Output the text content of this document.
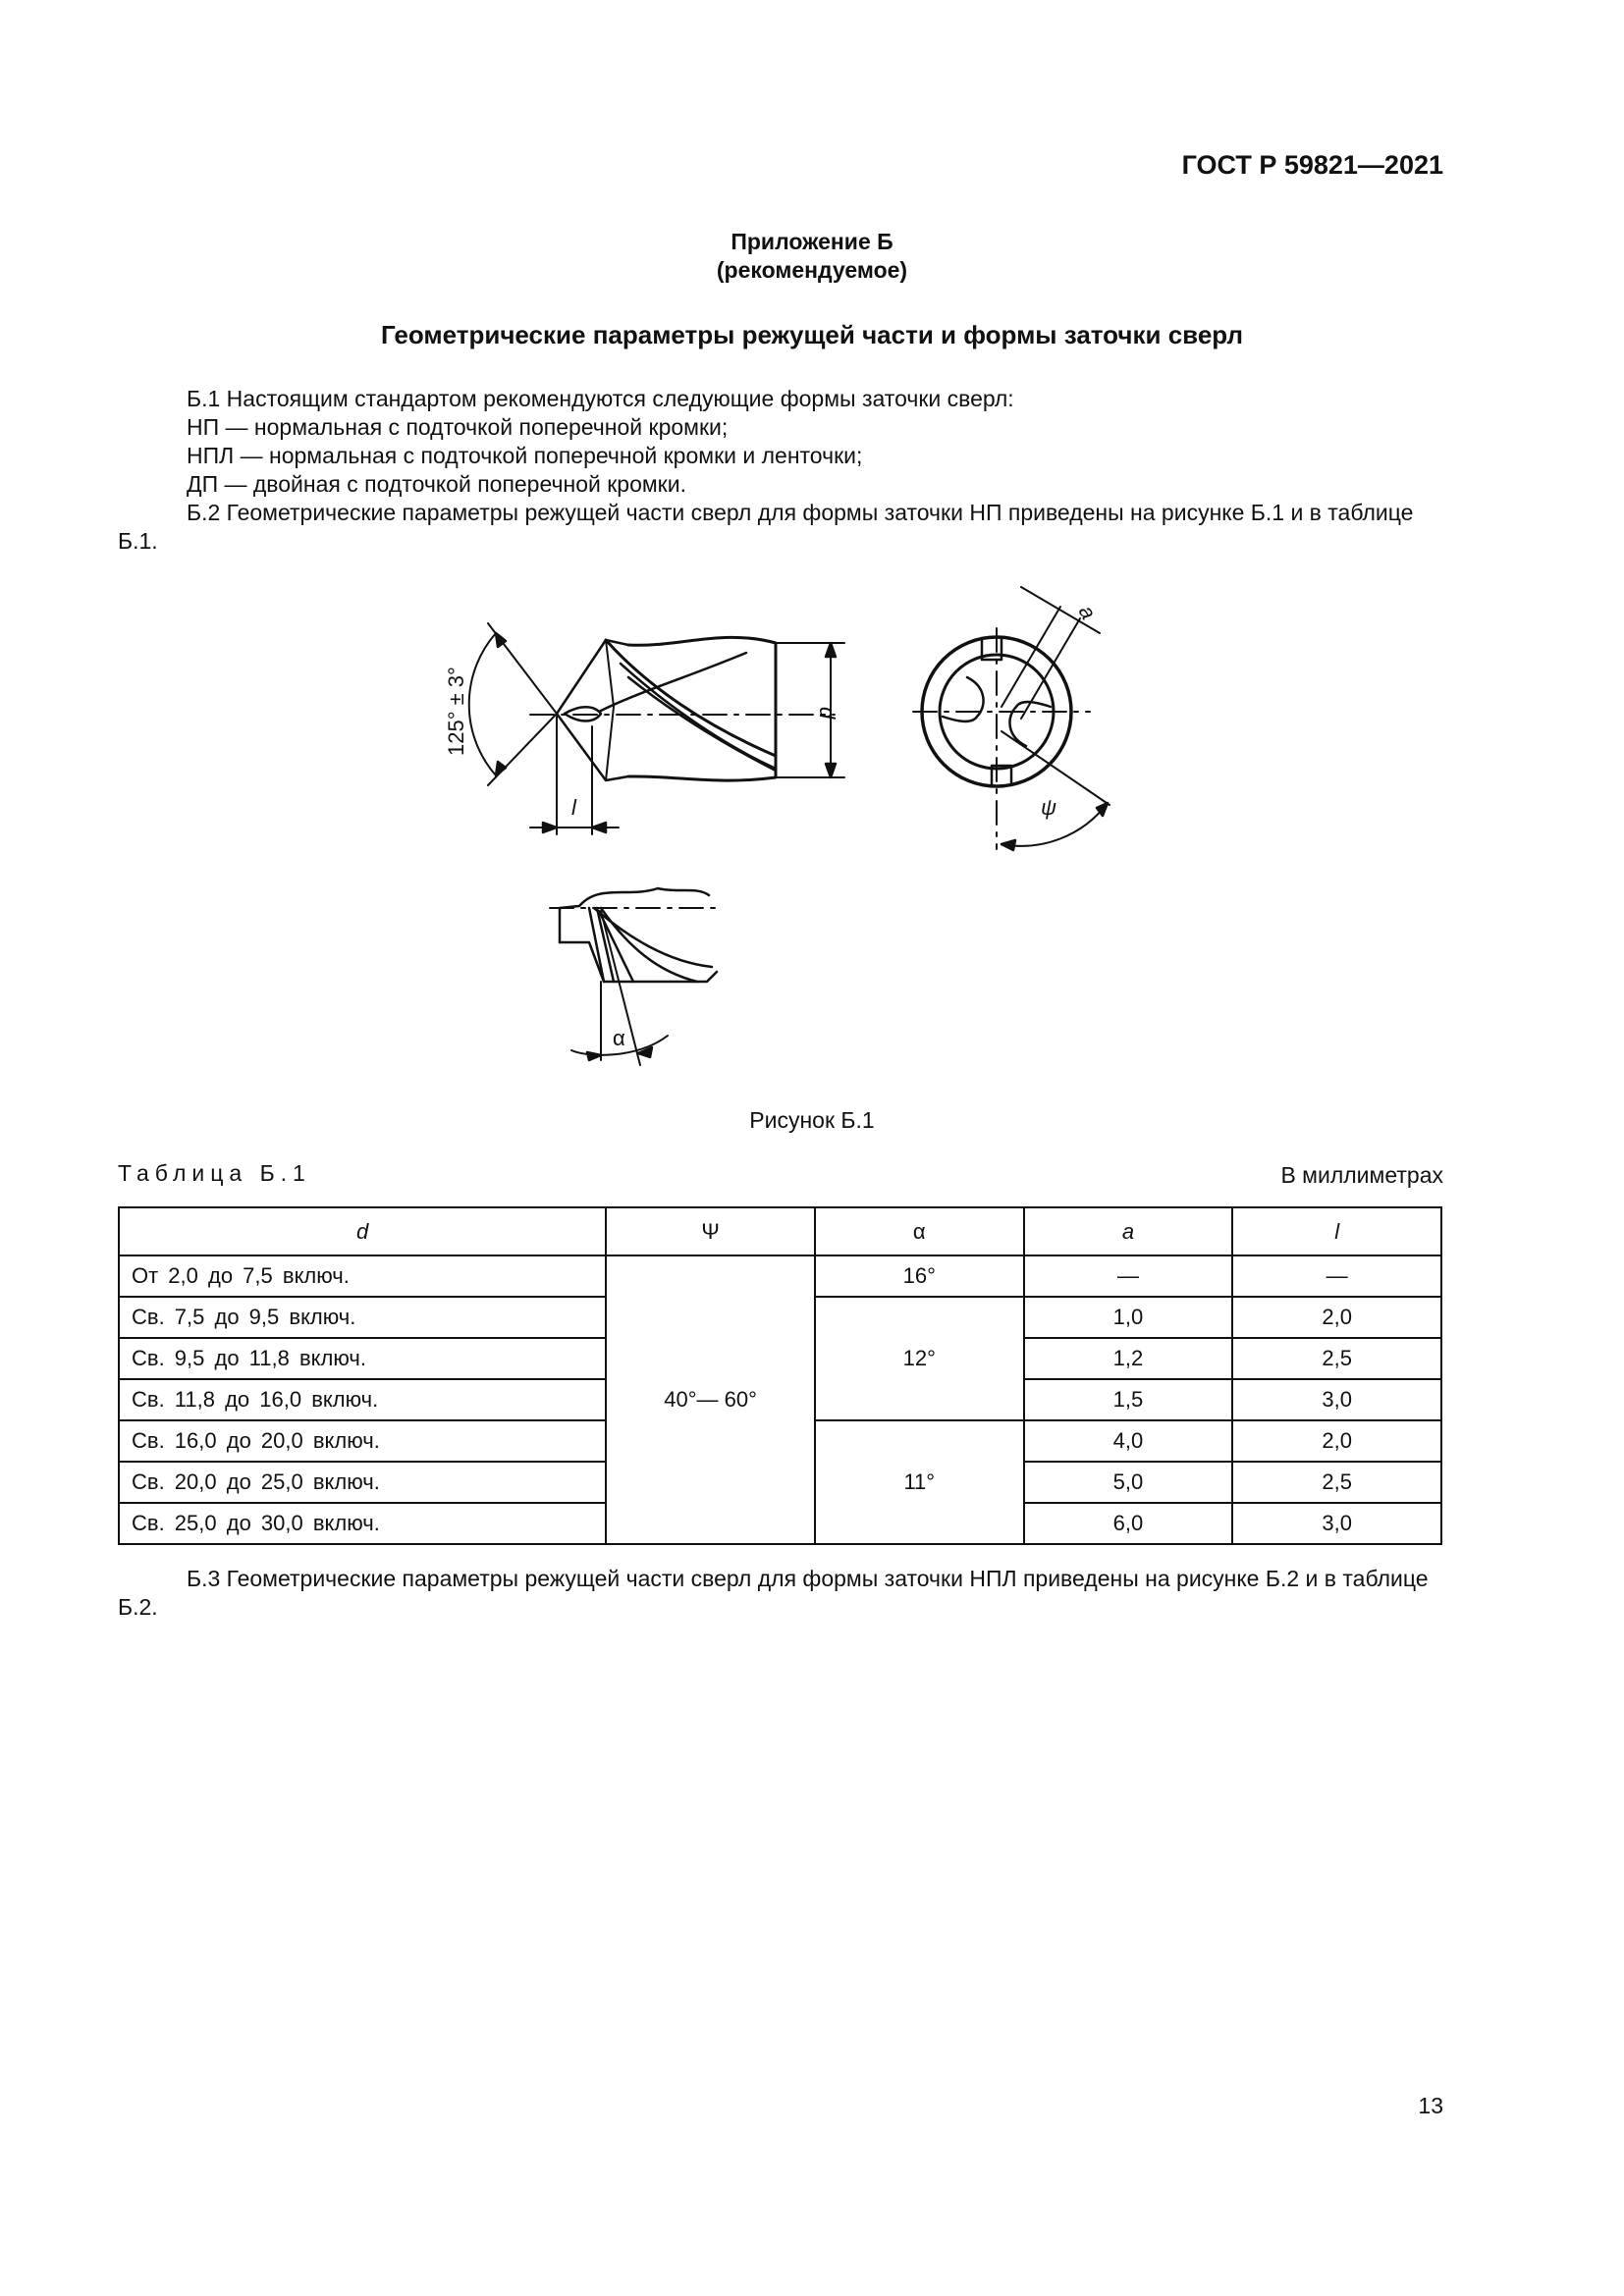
ГОСТ Р 59821—2021
Приложение Б
(рекомендуемое)
Геометрические параметры режущей части и формы заточки сверл

Б.1 Настоящим стандартом рекомендуются следующие формы заточки сверл:

НП — нормальная с подточкой поперечной кромки;

НПЛ — нормальная с подточкой поперечной кромки и ленточки;

ДП — двойная с подточкой поперечной кромки.

Б.2 Геометрические параметры режущей части сверл для формы заточки НП приведены на рисунке Б.1 и в таблице Б.1.

125° ± 3°	d
l
a
ψ
α
Рисунок Б.1
Таблица Б.1	В миллиметрах
d	Ψ	α	a	l
От 2,0 до 7,5 включ.	40°— 60°	16°	—	—
Св. 7,5 до 9,5 включ.		12°	1,0	2,0
Св. 9,5 до 11,8 включ.			1,2	2,5
Св. 11,8 до 16,0 включ.			1,5	3,0
Св. 16,0 до 20,0 включ.		11°	4,0	2,0
Св. 20,0 до 25,0 включ.			5,0	2,5
Св. 25,0 до 30,0 включ.			6,0	3,0

Б.3 Геометрические параметры режущей части сверл для формы заточки НПЛ приведены на рисунке Б.2 и в таблице Б.2.

13
